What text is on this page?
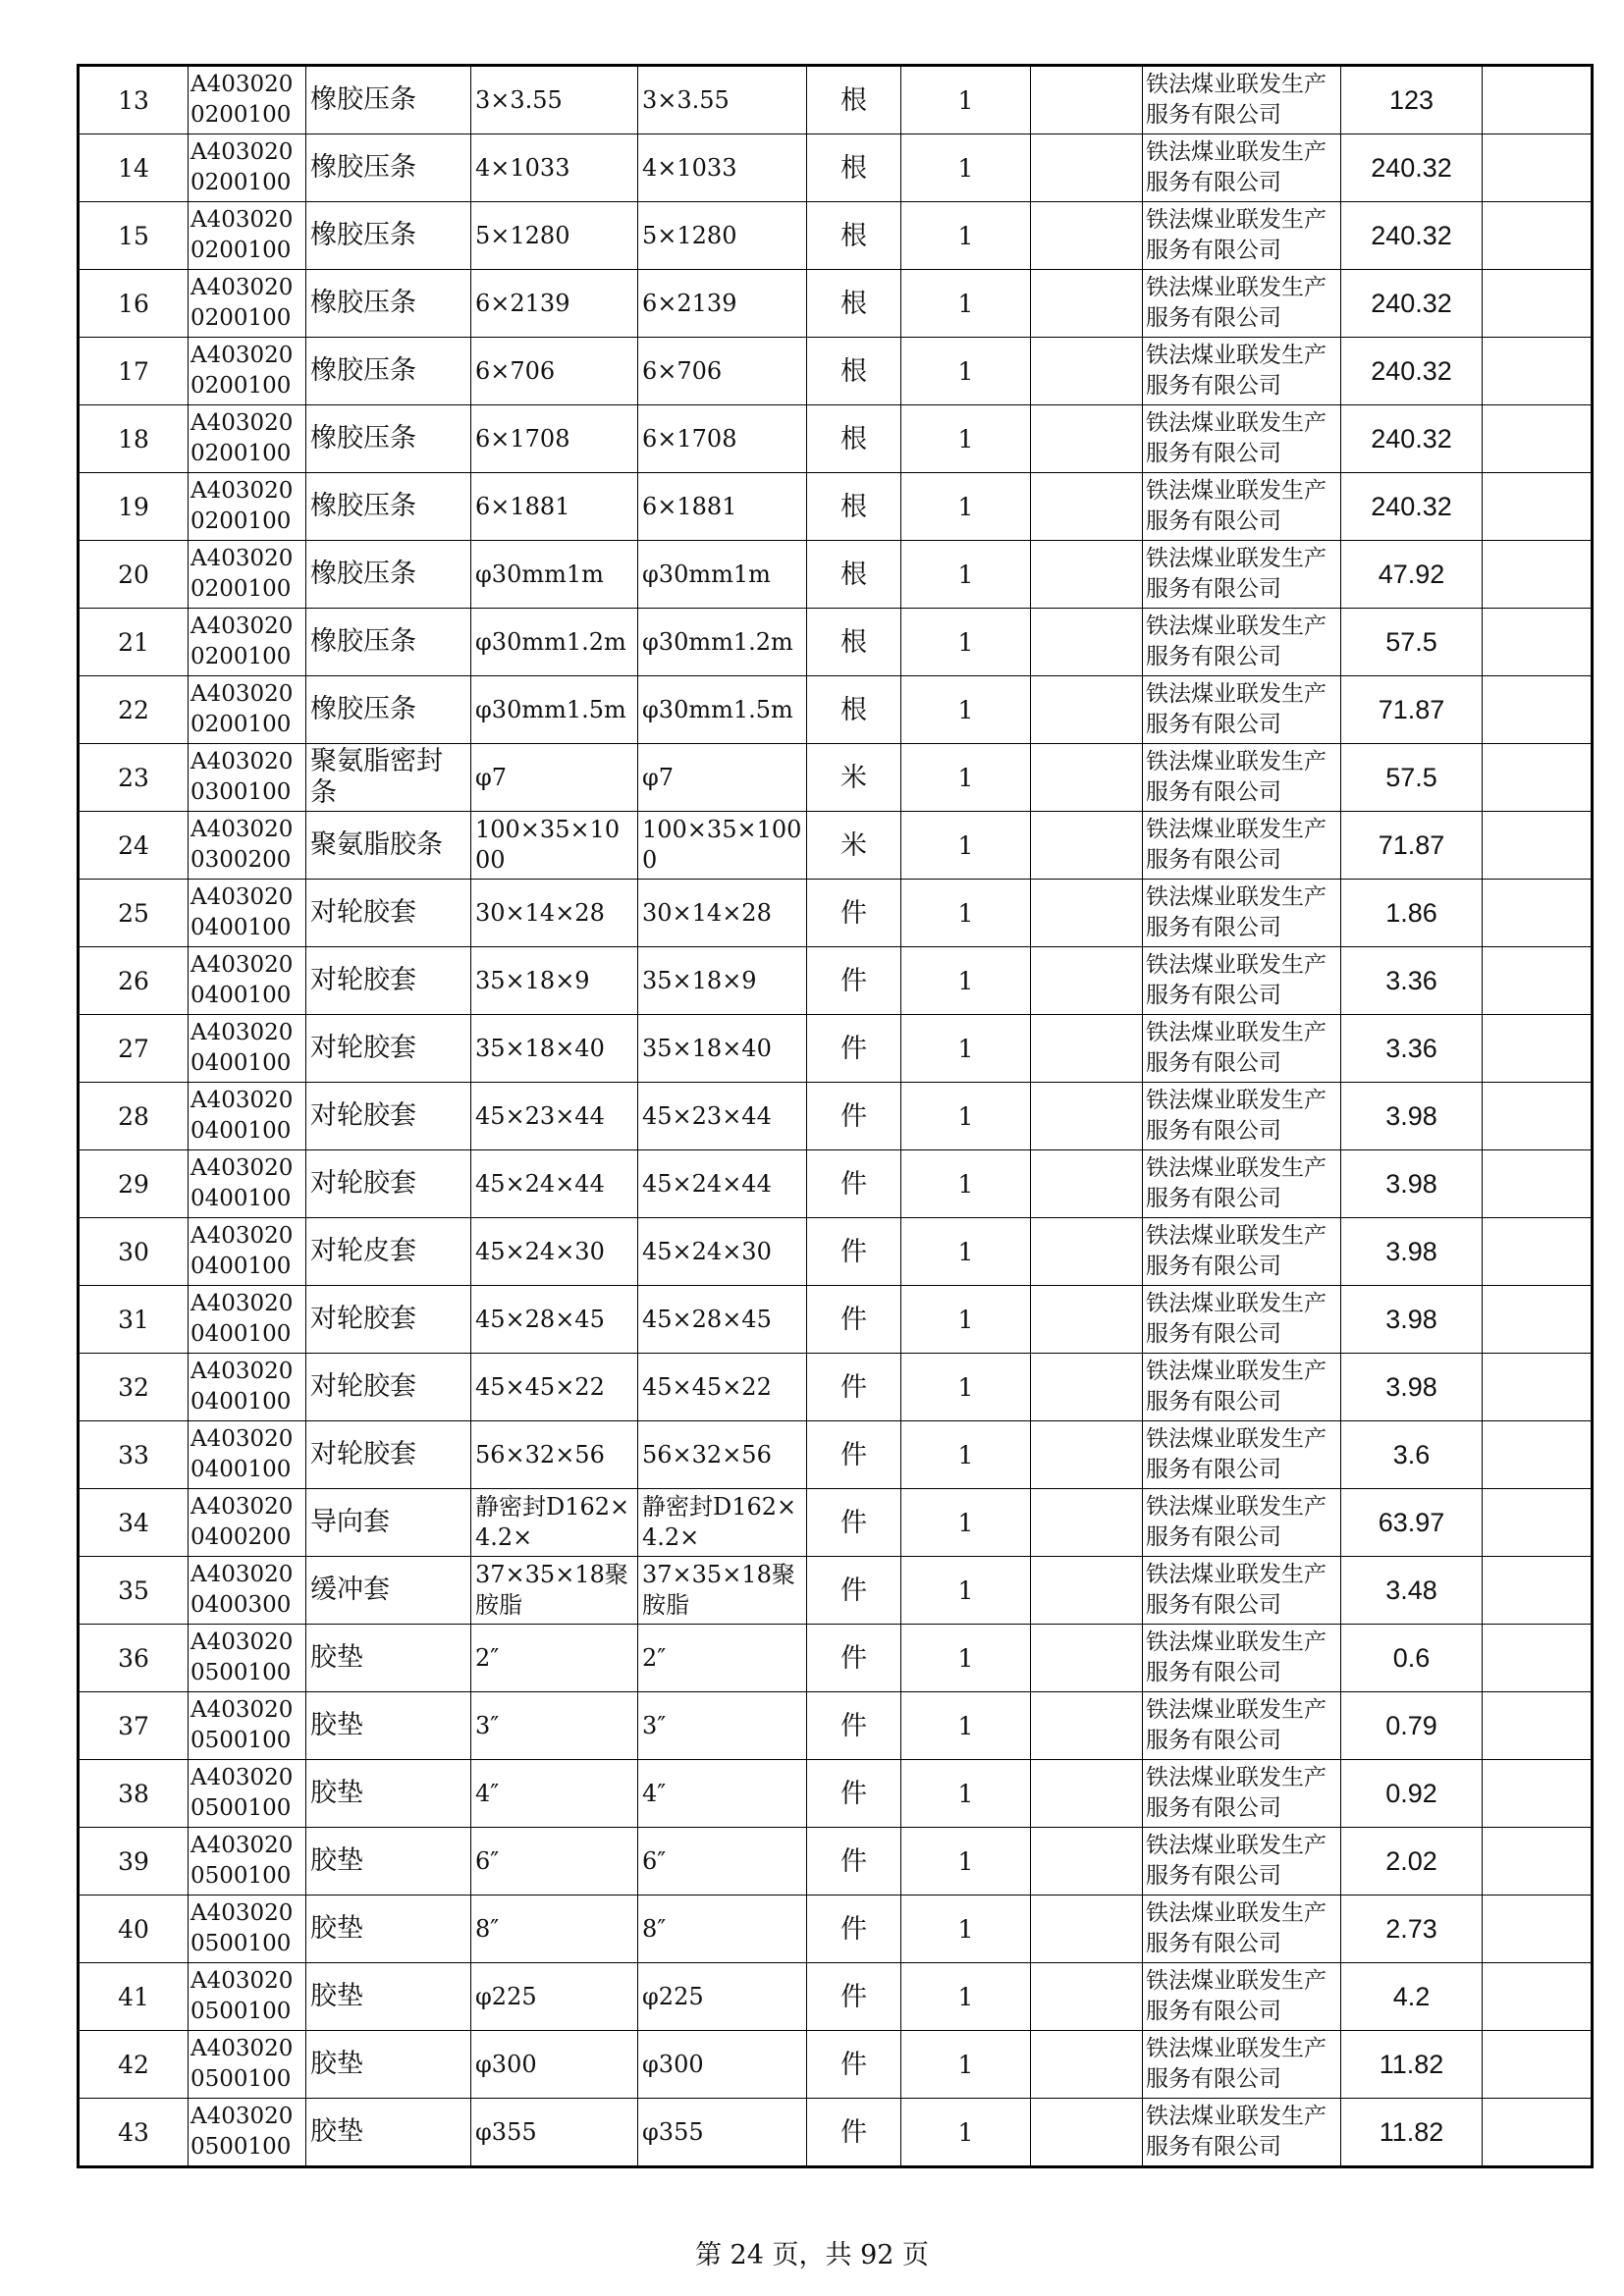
13	A4030200200100	橡胶压条	3×3.55	3×3.55	根	1		铁法煤业联发生产服务有限公司	123	
14	A4030200200100	橡胶压条	4×1033	4×1033	根	1		铁法煤业联发生产服务有限公司	240.32	
15	A4030200200100	橡胶压条	5×1280	5×1280	根	1		铁法煤业联发生产服务有限公司	240.32	
16	A4030200200100	橡胶压条	6×2139	6×2139	根	1		铁法煤业联发生产服务有限公司	240.32	
17	A4030200200100	橡胶压条	6×706	6×706	根	1		铁法煤业联发生产服务有限公司	240.32	
18	A4030200200100	橡胶压条	6×1708	6×1708	根	1		铁法煤业联发生产服务有限公司	240.32	
19	A4030200200100	橡胶压条	6×1881	6×1881	根	1		铁法煤业联发生产服务有限公司	240.32	
20	A4030200200100	橡胶压条	φ30mm1m	φ30mm1m	根	1		铁法煤业联发生产服务有限公司	47.92	
21	A4030200200100	橡胶压条	φ30mm1.2m	φ30mm1.2m	根	1		铁法煤业联发生产服务有限公司	57.5	
22	A4030200200100	橡胶压条	φ30mm1.5m	φ30mm1.5m	根	1		铁法煤业联发生产服务有限公司	71.87	
23	A4030200300100	聚氨脂密封条	φ7	φ7	米	1		铁法煤业联发生产服务有限公司	57.5	
24	A4030200300200	聚氨脂胶条	100×35×1000	100×35×1000	米	1		铁法煤业联发生产服务有限公司	71.87	
25	A4030200400100	对轮胶套	30×14×28	30×14×28	件	1		铁法煤业联发生产服务有限公司	1.86	
26	A4030200400100	对轮胶套	35×18×9	35×18×9	件	1		铁法煤业联发生产服务有限公司	3.36	
27	A4030200400100	对轮胶套	35×18×40	35×18×40	件	1		铁法煤业联发生产服务有限公司	3.36	
28	A4030200400100	对轮胶套	45×23×44	45×23×44	件	1		铁法煤业联发生产服务有限公司	3.98	
29	A4030200400100	对轮胶套	45×24×44	45×24×44	件	1		铁法煤业联发生产服务有限公司	3.98	
30	A4030200400100	对轮皮套	45×24×30	45×24×30	件	1		铁法煤业联发生产服务有限公司	3.98	
31	A4030200400100	对轮胶套	45×28×45	45×28×45	件	1		铁法煤业联发生产服务有限公司	3.98	
32	A4030200400100	对轮胶套	45×45×22	45×45×22	件	1		铁法煤业联发生产服务有限公司	3.98	
33	A4030200400100	对轮胶套	56×32×56	56×32×56	件	1		铁法煤业联发生产服务有限公司	3.6	
34	A4030200400200	导向套	静密封D162×4.2×	静密封D162×4.2×	件	1		铁法煤业联发生产服务有限公司	63.97	
35	A4030200400300	缓冲套	37×35×18聚胺脂	37×35×18聚胺脂	件	1		铁法煤业联发生产服务有限公司	3.48	
36	A4030200500100	胶垫	2″	2″	件	1		铁法煤业联发生产服务有限公司	0.6	
37	A4030200500100	胶垫	3″	3″	件	1		铁法煤业联发生产服务有限公司	0.79	
38	A4030200500100	胶垫	4″	4″	件	1		铁法煤业联发生产服务有限公司	0.92	
39	A4030200500100	胶垫	6″	6″	件	1		铁法煤业联发生产服务有限公司	2.02	
40	A4030200500100	胶垫	8″	8″	件	1		铁法煤业联发生产服务有限公司	2.73	
41	A4030200500100	胶垫	φ225	φ225	件	1		铁法煤业联发生产服务有限公司	4.2	
42	A4030200500100	胶垫	φ300	φ300	件	1		铁法煤业联发生产服务有限公司	11.82	
43	A4030200500100	胶垫	φ355	φ355	件	1		铁法煤业联发生产服务有限公司	11.82	
第 24 页，共 92 页
